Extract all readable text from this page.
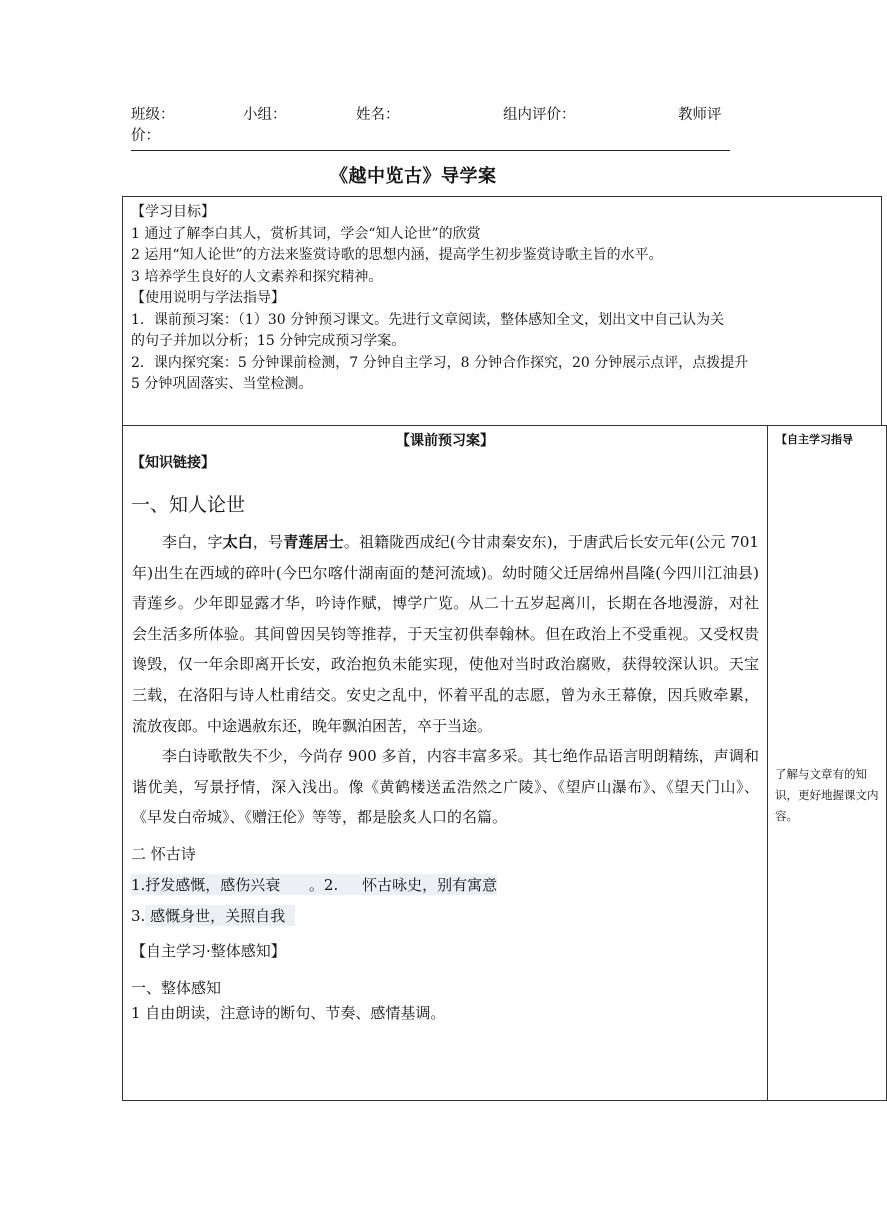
班级：	小组：	姓名：	组内评价：	教师评
价：
《越中览古》导学案
【学习目标】
1 通过了解李白其人，赏析其词，学会“知人论世”的欣赏
2 运用“知人论世”的方法来鉴赏诗歌的思想内涵，提高学生初步鉴赏诗歌主旨的水平。
3 培养学生良好的人文素养和探究精神。
【使用说明与学法指导】
1．课前预习案：（1）30 分钟预习课文。先进行文章阅读，整体感知全文，划出文中自己认为关
的句子并加以分析；15 分钟完成预习学案。
2．课内探究案：5 分钟课前检测，7 分钟自主学习，8 分钟合作探究，20 分钟展示点评，点拨提升
5 分钟巩固落实、当堂检测。
【课前预习案】
【知识链接】
一、知人论世

李白，字太白，号青莲居士。祖籍陇西成纪(今甘肃秦安东)，于唐武后长安元年(公元 701 年)出生在西域的碎叶(今巴尔喀什湖南面的楚河流域)。幼时随父迁居绵州昌隆(今四川江油县)青莲乡。少年即显露才华，吟诗作赋，博学广览。从二十五岁起离川，长期在各地漫游，对社会生活多所体验。其间曾因吴钧等推荐，于天宝初供奉翰林。但在政治上不受重视。又受权贵谗毁，仅一年余即离开长安，政治抱负未能实现，使他对当时政治腐败，获得较深认识。天宝三载，在洛阳与诗人杜甫结交。安史之乱中，怀着平乱的志愿，曾为永王幕僚，因兵败牵累，流放夜郎。中途遇赦东还，晚年飘泊困苦，卒于当途。

李白诗歌散失不少，今尚存 900 多首，内容丰富多采。其七绝作品语言明朗精练，声调和谐优美，写景抒情，深入浅出。像《黄鹤楼送孟浩然之广陵》、《望庐山瀑布》、《望天门山》、《早发白帝城》、《赠汪伦》等等，都是脍炙人口的名篇。

二 怀古诗
1.抒发感慨，感伤兴衰      。2.     怀古咏史，别有寓意
3. 感慨身世，关照自我
【自主学习·整体感知】
一、整体感知
1 自由朗读，注意诗的断句、节奏、感情基调。
【自主学习指导
了解与文章有的知识，更好地握课文内容。
